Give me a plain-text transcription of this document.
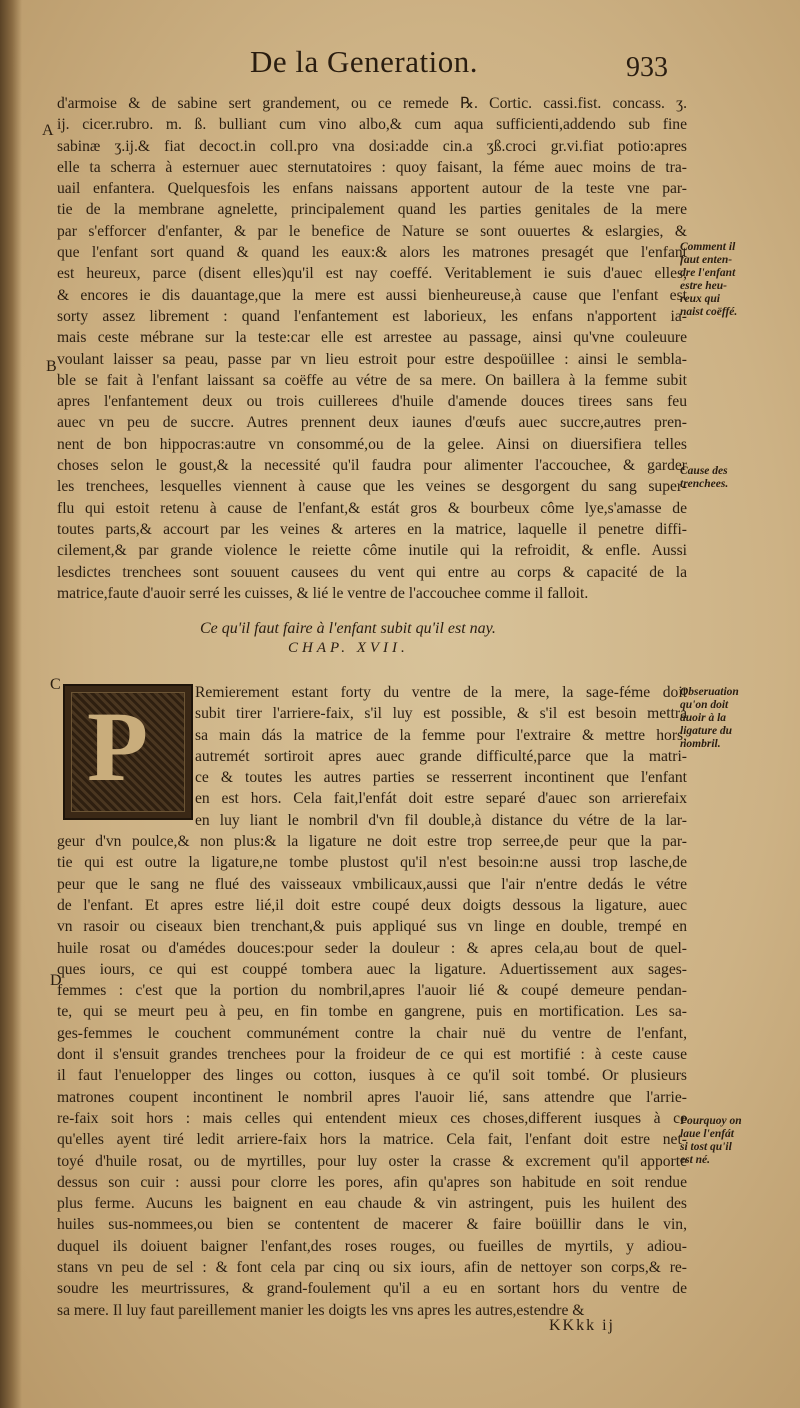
De la Generation.	933
A
B
C
D
d'armoise & de sabine sert grandement, ou ce remede ℞. Cortic. cassi.fist. concass. ʒ.
ij. cicer.rubro. m. ß. bulliant cum vino albo,& cum aqua sufficienti,addendo sub fine
sabinæ ʒ.ij.& fiat decoct.in coll.pro vna dosi:adde cin.a ʒß.croci gr.vi.fiat potio:apres
elle ta scherra à esternuer auec sternutatoires : quoy faisant, la féme auec moins de tra-
uail enfantera. Quelquesfois les enfans naissans apportent autour de la teste vne par-
tie de la membrane agnelette, principalement quand les parties genitales de la mere
par s'efforcer d'enfanter, & par le benefice de Nature se sont ouuertes & eslargies, &
que l'enfant sort quand & quand les eaux:& alors les matrones presagét que l'enfant
est heureux, parce (disent elles)qu'il est nay coeffé. Veritablement ie suis d'auec elles,
& encores ie dis dauantage,que la mere est aussi bienheureuse,à cause que l'enfant est
sorty assez librement : quand l'enfantement est laborieux, les enfans n'apportent ia-
mais ceste mébrane sur la teste:car elle est arrestee au passage, ainsi qu'vne couleuure
voulant laisser sa peau, passe par vn lieu estroit pour estre despoüillee : ainsi le sembla-
ble se fait à l'enfant laissant sa coëffe au vétre de sa mere. On baillera à la femme subit
apres l'enfantement deux ou trois cuillerees d'huile d'amende douces tirees sans feu
auec vn peu de succre. Autres prennent deux iaunes d'œufs auec succre,autres pren-
nent de bon hippocras:autre vn consommé,ou de la gelee. Ainsi on diuersifiera telles
choses selon le goust,& la necessité qu'il faudra pour alimenter l'accouchee, & garder
les trenchees, lesquelles viennent à cause que les veines se desgorgent du sang super-
flu qui estoit retenu à cause de l'enfant,& estát gros & bourbeux côme lye,s'amasse de
toutes parts,& accourt par les veines & arteres en la matrice, laquelle il penetre diffi-
cilement,& par grande violence le reiette côme inutile qui la refroidit, & enfle. Aussi
lesdictes trenchees sont souuent causees du vent qui entre au corps & capacité de la
matrice,faute d'auoir serré les cuisses, & lié le ventre de l'accouchee comme il falloit.
Ce qu'il faut faire à l'enfant subit qu'il est nay.
CHAP. XVII.
P	Remierement estant forty du ventre de la mere, la sage-féme doit
subit tirer l'arriere-faix, s'il luy est possible, & s'il est besoin mettra
sa main dás la matrice de la femme pour l'extraire & mettre hors,
autremét sortiroit apres auec grande difficulté,parce que la matri-
ce & toutes les autres parties se resserrent incontinent que l'enfant
en est hors. Cela fait,l'enfát doit estre separé d'auec son arrierefaix
en luy liant le nombril d'vn fil double,à distance du vétre de la lar-
geur d'vn poulce,& non plus:& la ligature ne doit estre trop serree,de peur que la par-
tie qui est outre la ligature,ne tombe plustost qu'il n'est besoin:ne aussi trop lasche,de
peur que le sang ne flué des vaisseaux vmbilicaux,aussi que l'air n'entre dedás le vétre
de l'enfant. Et apres estre lié,il doit estre coupé deux doigts dessous la ligature, auec
vn rasoir ou ciseaux bien trenchant,& puis appliqué sus vn linge en double, trempé en
huile rosat ou d'amédes douces:pour seder la douleur : & apres cela,au bout de quel-
ques iours, ce qui est couppé tombera auec la ligature. Aduertissement aux sages-
femmes : c'est que la portion du nombril,apres l'auoir lié & coupé demeure pendan-
te, qui se meurt peu à peu, en fin tombe en gangrene, puis en mortification. Les sa-
ges-femmes le couchent communément contre la chair nuë du ventre de l'enfant,
dont il s'ensuit grandes trenchees pour la froideur de ce qui est mortifié : à ceste cause
il faut l'enuelopper des linges ou cotton, iusques à ce qu'il soit tombé. Or plusieurs
matrones coupent incontinent le nombril apres l'auoir lié, sans attendre que l'arrie-
re-faix soit hors : mais celles qui entendent mieux ces choses,different iusques à ce
qu'elles ayent tiré ledit arriere-faix hors la matrice. Cela fait, l'enfant doit estre net-
toyé d'huile rosat, ou de myrtilles, pour luy oster la crasse & excrement qu'il apporte
dessus son cuir : aussi pour clorre les pores, afin qu'apres son habitude en soit rendue
plus ferme. Aucuns les baignent en eau chaude & vin astringent, puis les huilent des
huiles sus-nommees,ou bien se contentent de macerer & faire boüillir dans le vin,
duquel ils doiuent baigner l'enfant,des roses rouges, ou fueilles de myrtils, y adiou-
stans vn peu de sel : & font cela par cinq ou six iours, afin de nettoyer son corps,& re-
soudre les meurtrissures, & grand-foulement qu'il a eu en sortant hors du ventre de
sa mere. Il luy faut pareillement manier les doigts les vns apres les autres,estendre &
Comment il
faut enten-
dre l'enfant
estre heu-
reux qui
naist coëffé.
Cause des
trenchees.
Obseruation
qu'on doit
auoir à la
ligature du
nombril.
Pourquoy on
laue l'enfát
si tost qu'il
est né.
KKkk ij
